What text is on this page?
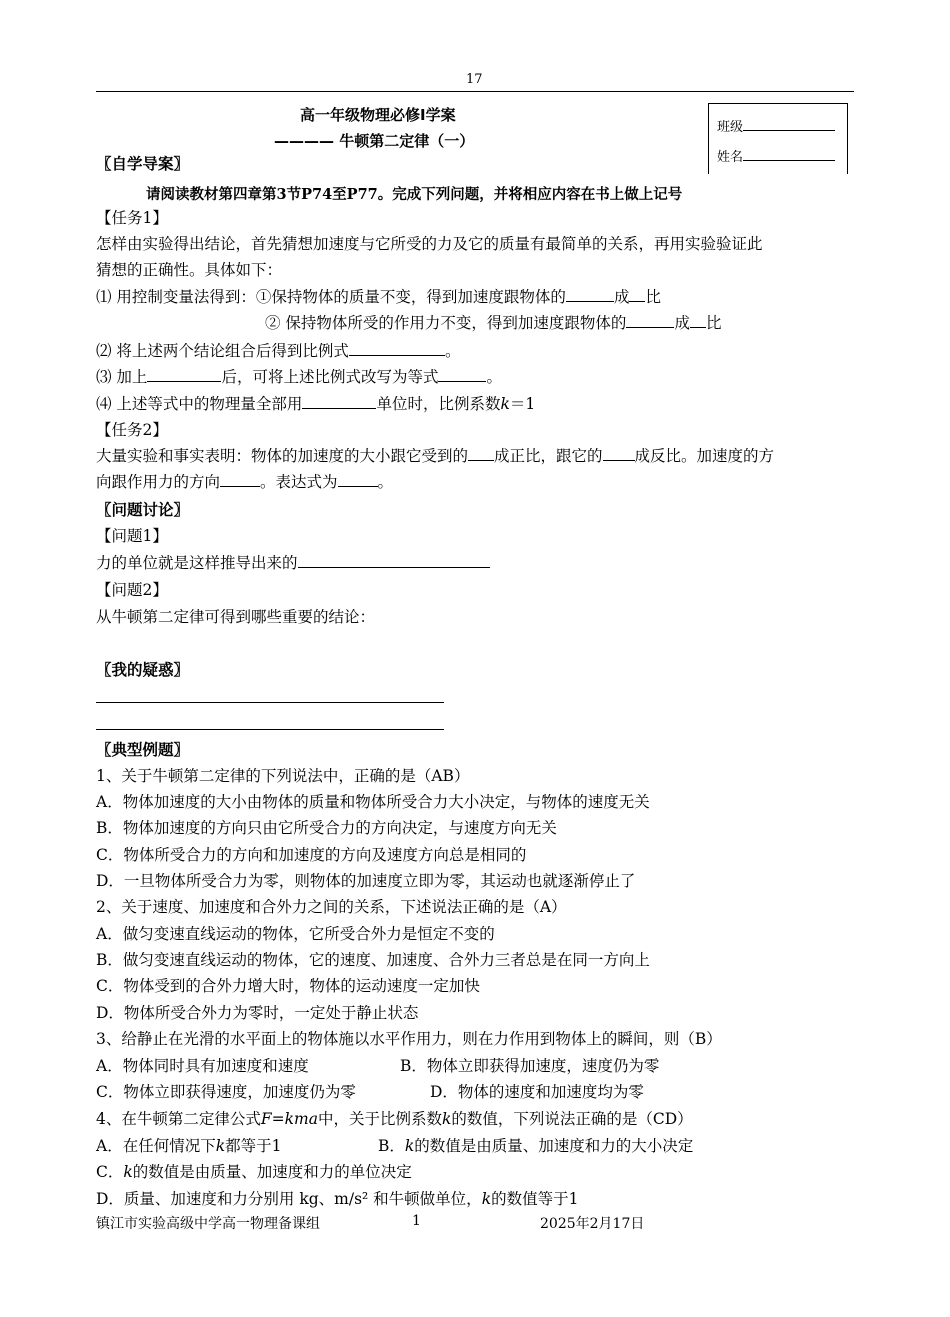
17
高一年级物理必修Ⅰ学案
———— 牛顿第二定律（一）
班级
姓名
〖自学导案〗
请阅读教材第四章第3节P74至P77。完成下列问题，并将相应内容在书上做上记号
【任务1】
怎样由实验得出结论，首先猜想加速度与它所受的力及它的质量有最简单的关系，再用实验验证此
猜想的正确性。具体如下：
⑴ 用控制变量法得到：①保持物体的质量不变，得到加速度跟物体的	成 比
② 保持物体所受的作用力不变，得到加速度跟物体的	成 比
⑵ 将上述两个结论组合后得到比例式	。
⑶ 加上	后，可将上述比例式改写为等式	。
⑷ 上述等式中的物理量全部用	单位时，比例系数k＝1
【任务2】
大量实验和事实表明：物体的加速度的大小跟它受到的 成正比，跟它的 成反比。加速度的方
向跟作用力的方向	。表达式为	。
〖问题讨论〗
【问题1】
力的单位就是这样推导出来的
【问题2】
从牛顿第二定律可得到哪些重要的结论：
〖我的疑惑〗
〖典型例题〗
1、关于牛顿第二定律的下列说法中，正确的是（AB）
A．物体加速度的大小由物体的质量和物体所受合力大小决定，与物体的速度无关
B．物体加速度的方向只由它所受合力的方向决定，与速度方向无关
C．物体所受合力的方向和加速度的方向及速度方向总是相同的
D．一旦物体所受合力为零，则物体的加速度立即为零，其运动也就逐渐停止了
2、关于速度、加速度和合外力之间的关系，下述说法正确的是（A）
A．做匀变速直线运动的物体，它所受合外力是恒定不变的
B．做匀变速直线运动的物体，它的速度、加速度、合外力三者总是在同一方向上
C．物体受到的合外力增大时，物体的运动速度一定加快
D．物体所受合外力为零时，一定处于静止状态
3、给静止在光滑的水平面上的物体施以水平作用力，则在力作用到物体上的瞬间，则（B）
A．物体同时具有加速度和速度	B．物体立即获得加速度，速度仍为零
C．物体立即获得速度，加速度仍为零	D．物体的速度和加速度均为零
4、在牛顿第二定律公式F=kma中，关于比例系数k的数值，下列说法正确的是（CD）
A．在任何情况下k都等于1	B．k的数值是由质量、加速度和力的大小决定
C．k的数值是由质量、加速度和力的单位决定
D．质量、加速度和力分别用 kg、m/s² 和牛顿做单位，k的数值等于1
镇江市实验高级中学高一物理备课组	1	2025年2月17日
